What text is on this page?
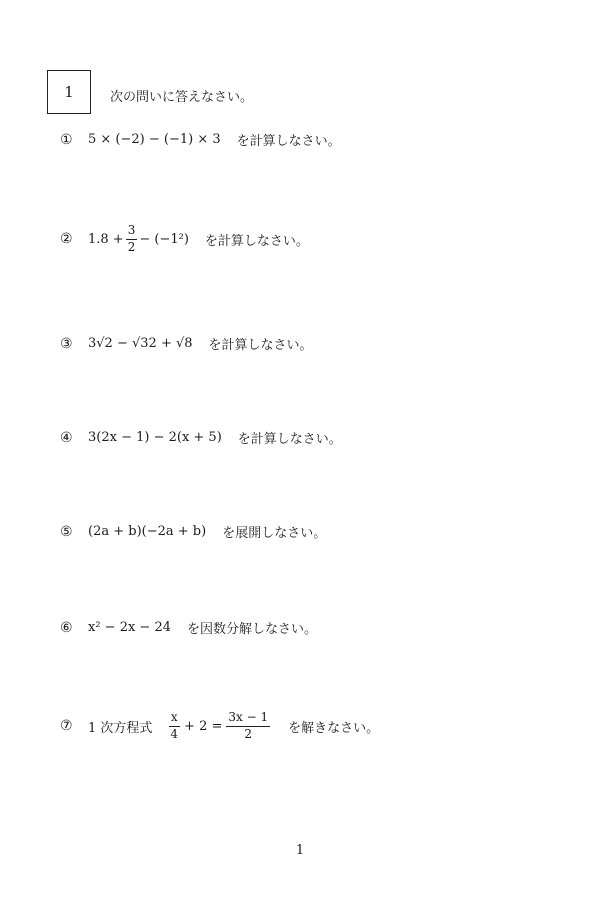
1	次の問いに答えなさい。
①	5 × (−2) − (−1) × 3 を計算しなさい。
②	$1.8 + \frac{3}{2} - (-1^2)$ を計算しなさい。
③	3√2 − √32 + √8 を計算しなさい。
④	3(2x − 1) − 2(x + 5) を計算しなさい。
⑤	(2a + b)(−2a + b) を展開しなさい。
⑥	x² − 2x − 24 を因数分解しなさい。
⑦	1 次方程式 $\frac{x}{4} + 2 = \frac{3x - 1}{2}$ を解きなさい。
1
